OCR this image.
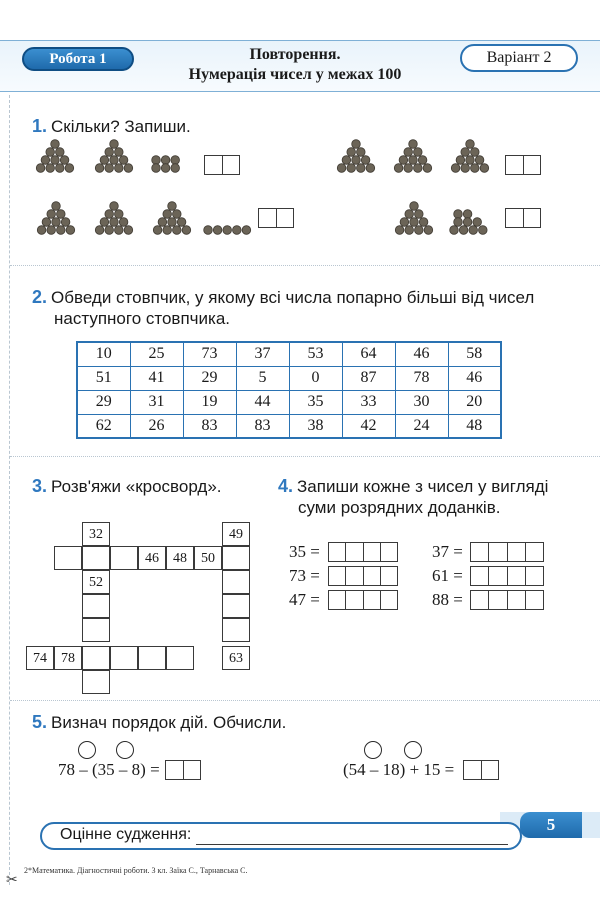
Робота 1	Повторення.
Нумерація чисел у межах 100
Варіант 2
1. Скільки? Запиши.
2. Обведи стовпчик, у якому всі числа попарно більші від чисел
наступного стовпчика.
10	25	73	37	53	64	46	58
51	41	29	5	0	87	78	46
29	31	19	44	35	33	30	20
62	26	83	83	38	42	24	48
3. Розв'яжи «кросворд».
32	49
46	48	50
52
74	78	63
4. Запиши кожне з чисел у вигляді
суми розрядних доданків.
35 =
73 =
47 =
37 =
61 =
88 =
5. Визнач порядок дій. Обчисли.
78 – (35 – 8) =	(54 – 18) + 15 =
5
Оцінне судження:
✂
2*Математика. Діагностичні роботи. 3 кл. Заїка С., Тарнавська С.
